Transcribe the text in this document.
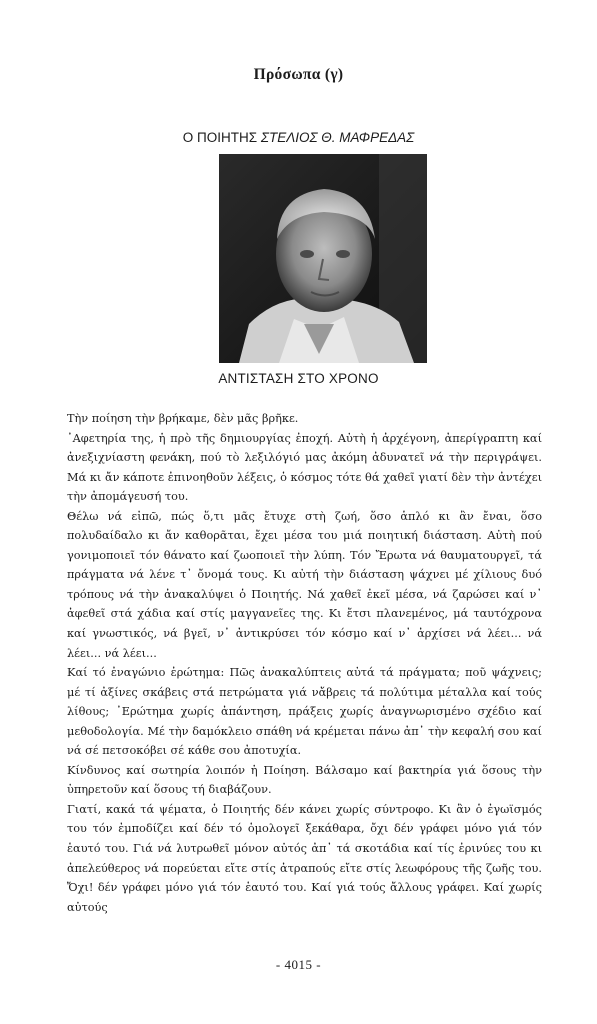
Πρόσωπα (γ)
Ο ΠΟΙΗΤΗΣ ΣΤΕΛΙΟΣ Θ. ΜΑΦΡΕΔΑΣ
ΑΝΤΙΣΤΑΣΗ ΣΤΟ ΧΡΟΝΟ

Τὴν ποίηση τὴν βρήκαμε, δὲν μᾶς βρῆκε.

᾽Αφετηρία της, ἡ πρὸ τῆς δημιουργίας ἐποχή. Αὐτὴ ἡ ἀρχέγονη, ἀπερίγραπτη καί ἀνεξιχνίαστη φενάκη, πού τὸ λεξιλόγιό μας ἀκόμη ἀδυνατεῖ νά τὴν περιγράψει. Μά κι ἄν κάποτε ἐπινοηθοῦν λέξεις, ὁ κόσμος τότε θά χαθεῖ γιατί δὲν τὴν ἀντέχει τὴν ἀπομάγευσή του.

Θέλω νά εἰπῶ, πώς ὅ,τι μᾶς ἔτυχε στὴ ζωή, ὅσο ἁπλό κι ἂν ἔναι, ὅσο πολυδαίδαλο κι ἄν καθορᾶται, ἔχει μέσα του μιά ποιητική διάσταση. Αὐτὴ πού γονιμοποιεῖ τόν θάνατο καί ζωοποιεῖ τὴν λύπη. Τόν Ἔρωτα νά θαυματουργεῖ, τά πράγματα νά λένε τ᾽ ὄνομά τους. Κι αὐτή τὴν διάσταση ψάχνει μέ χίλιους δυό τρόπους νά τὴν ἀνακαλύψει ὁ Ποιητής. Νά χαθεῖ ἐκεῖ μέσα, νά ζαρώσει καί ν᾽ ἀφεθεῖ στά χάδια καί στίς μαγγανεῖες της. Κι ἔτσι πλανεμένος, μά ταυτόχρονα καί γνωστικός, νά βγεῖ, ν᾽ ἀντικρύσει τόν κόσμο καί ν᾽ ἀρχίσει νά λέει... νά λέει... νά λέει...

Καί τό ἐναγώνιο ἐρώτημα: Πῶς ἀνακαλύπτεις αὐτά τά πράγματα; ποῦ ψάχνεις; μέ τί ἀξίνες σκάβεις στά πετρώματα γιά νἄβρεις τά πολύτιμα μέταλλα καί τούς λίθους; ᾽Ερώτημα χωρίς ἀπάντηση, πράξεις χωρίς ἀναγνωρισμένο σχέδιο καί μεθοδολογία. Μέ τὴν δαμόκλειο σπάθη νά κρέμεται πάνω ἀπ᾽ τὴν κεφαλή σου καί νά σέ πετσοκόβει σέ κάθε σου ἀποτυχία.

Κίνδυνος καί σωτηρία λοιπόν ἡ Ποίηση. Βάλσαμο καί βακτηρία γιά ὅσους τὴν ὑπηρετοῦν καί ὅσους τή διαβάζουν.

Γιατί, κακά τά ψέματα, ὁ Ποιητής δέν κάνει χωρίς σύντροφο. Κι ἂν ὁ ἐγωϊσμός του τόν ἐμποδίζει καί δέν τό ὁμολογεῖ ξεκάθαρα, ὄχι δέν γράφει μόνο γιά τόν ἑαυτό του. Γιά νά λυτρωθεῖ μόνον αὐτός ἀπ᾽ τά σκοτάδια καί τίς ἐρινύες του κι ἀπελεύθερος νά πορεύεται εἴτε στίς ἀτραπούς εἴτε στίς λεωφόρους τῆς ζωῆς του. Ὄχι! δέν γράφει μόνο γιά τόν ἑαυτό του. Καί γιά τούς ἄλλους γράφει. Καί χωρίς αὐτούς

- 4015 -
